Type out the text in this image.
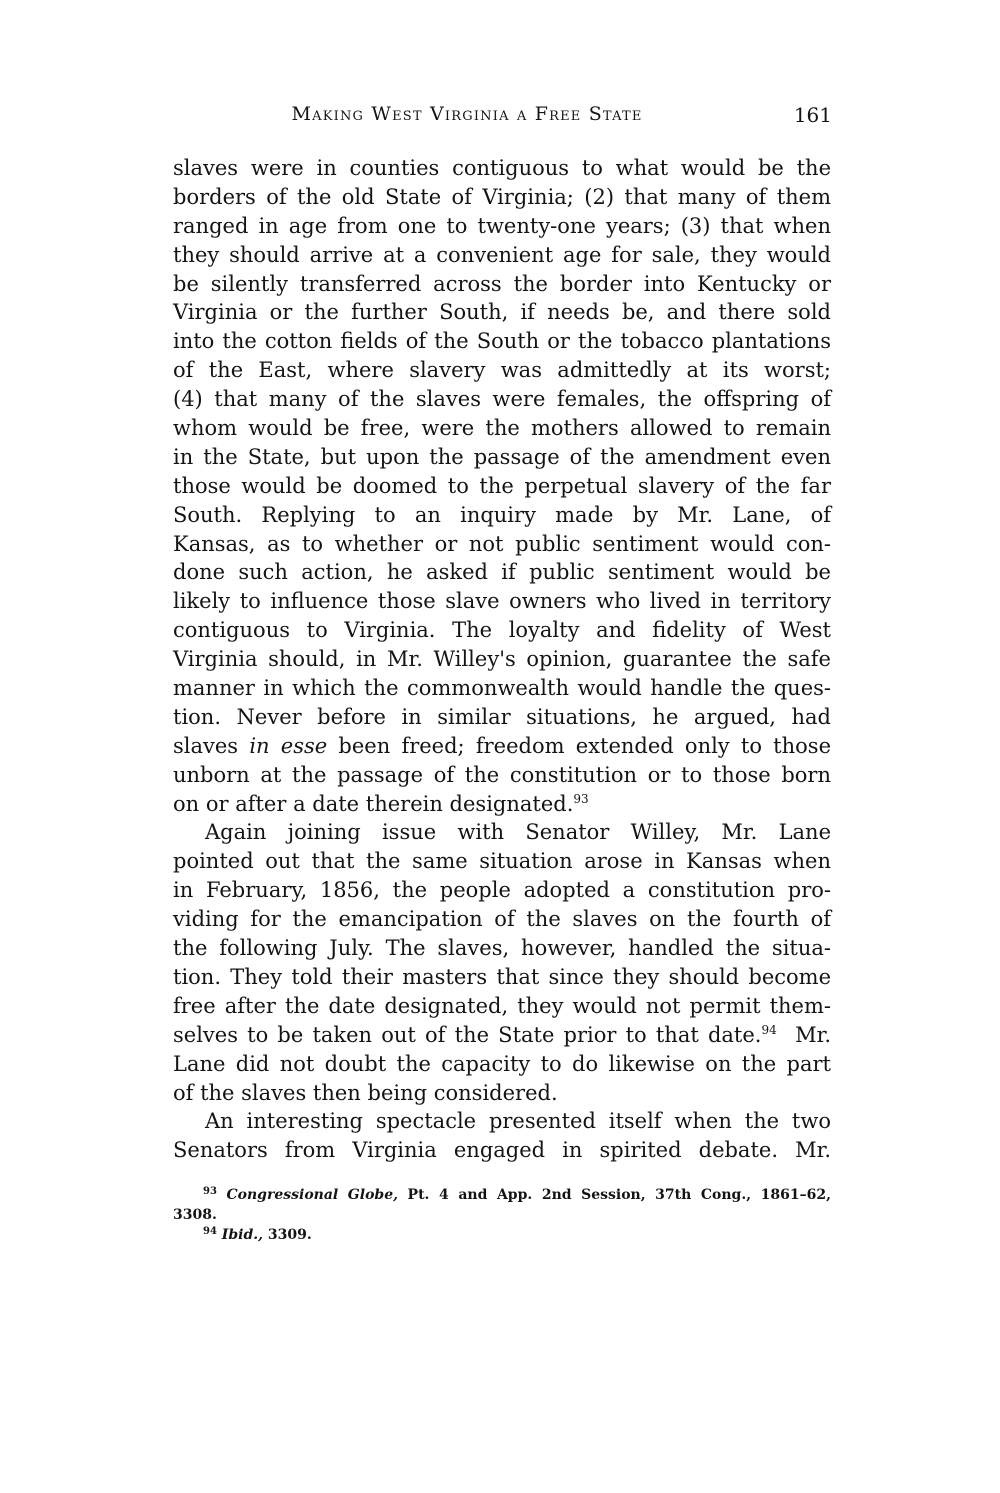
Making West Virginia a Free State	161
slaves were in counties contiguous to what would be the
borders of the old State of Virginia; (2) that many of them
ranged in age from one to twenty-one years; (3) that when
they should arrive at a convenient age for sale, they would
be silently transferred across the border into Kentucky or
Virginia or the further South, if needs be, and there sold
into the cotton fields of the South or the tobacco plantations
of the East, where slavery was admittedly at its worst;
(4) that many of the slaves were females, the offspring of
whom would be free, were the mothers allowed to remain
in the State, but upon the passage of the amendment even
those would be doomed to the perpetual slavery of the far
South. Replying to an inquiry made by Mr. Lane, of
Kansas, as to whether or not public sentiment would con-
done such action, he asked if public sentiment would be
likely to influence those slave owners who lived in territory
contiguous to Virginia. The loyalty and fidelity of West
Virginia should, in Mr. Willey's opinion, guarantee the safe
manner in which the commonwealth would handle the ques-
tion. Never before in similar situations, he argued, had
slaves in esse been freed; freedom extended only to those
unborn at the passage of the constitution or to those born
on or after a date therein designated.$^{93}$
Again joining issue with Senator Willey, Mr. Lane
pointed out that the same situation arose in Kansas when
in February, 1856, the people adopted a constitution pro-
viding for the emancipation of the slaves on the fourth of
the following July. The slaves, however, handled the situa-
tion. They told their masters that since they should become
free after the date designated, they would not permit them-
selves to be taken out of the State prior to that date.$^{94}$  Mr.
Lane did not doubt the capacity to do likewise on the part
of the slaves then being considered.
An interesting spectacle presented itself when the two
Senators from Virginia engaged in spirited debate. Mr.
$^{93}$ Congressional Globe, Pt. 4 and App. 2nd Session, 37th Cong., 1861–62,
3308.
$^{94}$ Ibid., 3309.
